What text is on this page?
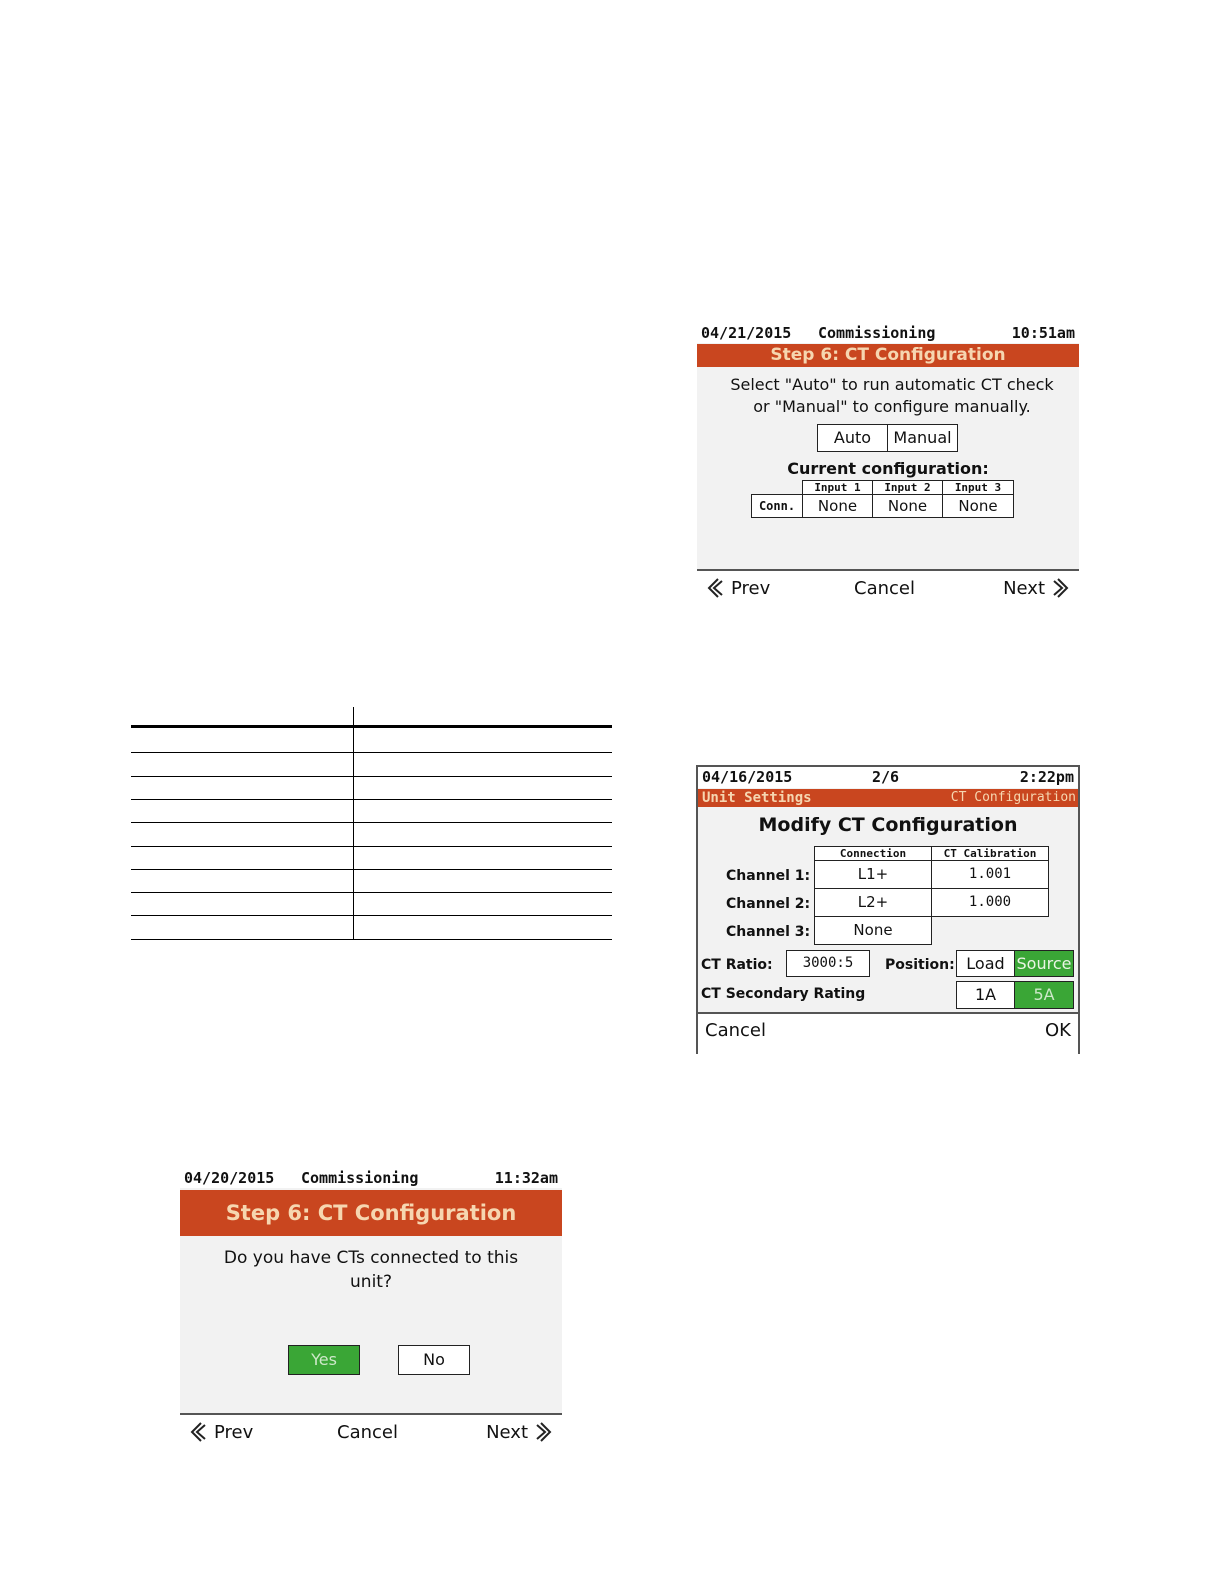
04/21/2015 Commissioning	10:51am
Step 6: CT Configuration
Select "Auto" to run automatic CT check
or "Manual" to configure manually.
Auto	Manual
Current configuration:
Input 1	Input 2	Input 3
Conn.	None	None	None
Prev	Cancel	Next
04/16/2015	2/6	2:22pm
Unit Settings	CT Configuration
Modify CT Configuration
Connection	CT Calibration
Channel 1:	L1+	1.001
Channel 2:	L2+	1.000
Channel 3:	None
CT Ratio:	3000:5	Position: Load Source
CT Secondary Rating	1A	5A
Cancel	OK
04/20/2015 Commissioning	11:32am
Step 6: CT Configuration
Do you have CTs connected to this
unit?
Yes	No
Prev	Cancel	Next
